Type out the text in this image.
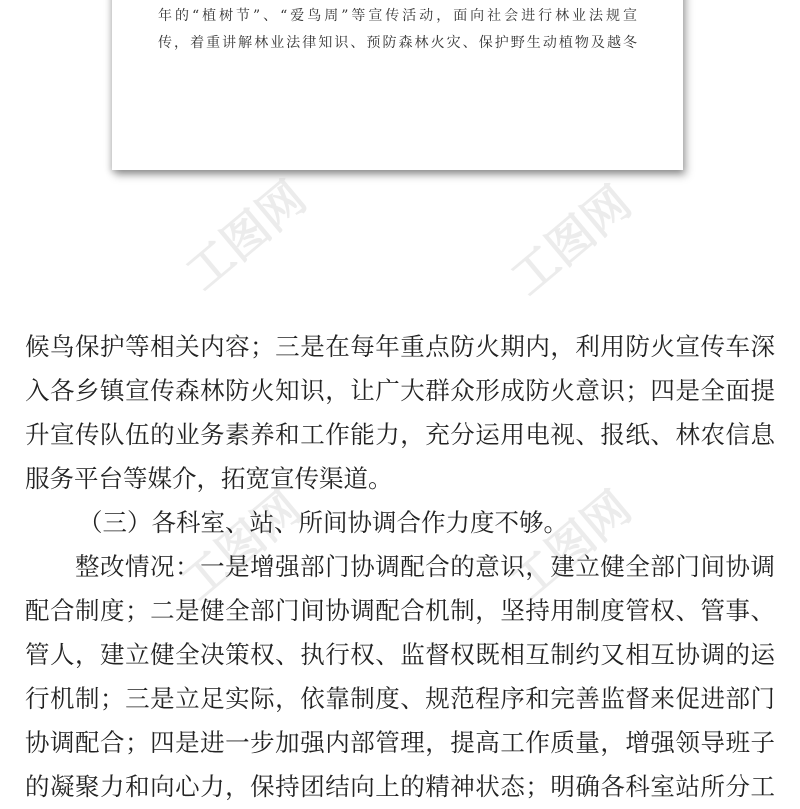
年的“植树节”、“爱鸟周”等宣传活动，面向社会进行林业法规宣
传，着重讲解林业法律知识、预防森林火灾、保护野生动植物及越冬
工图网	工图网
工图网	工图网
候鸟保护等相关内容；三是在每年重点防火期内，利用防火宣传车深
入各乡镇宣传森林防火知识，让广大群众形成防火意识；四是全面提
升宣传队伍的业务素养和工作能力，充分运用电视、报纸、林农信息
服务平台等媒介，拓宽宣传渠道。
（三）各科室、站、所间协调合作力度不够。
整改情况：一是增强部门协调配合的意识，建立健全部门间协调
配合制度；二是健全部门间协调配合机制，坚持用制度管权、管事、
管人，建立健全决策权、执行权、监督权既相互制约又相互协调的运
行机制；三是立足实际，依靠制度、规范程序和完善监督来促进部门
协调配合；四是进一步加强内部管理，提高工作质量，增强领导班子
的凝聚力和向心力，保持团结向上的精神状态；明确各科室站所分工
